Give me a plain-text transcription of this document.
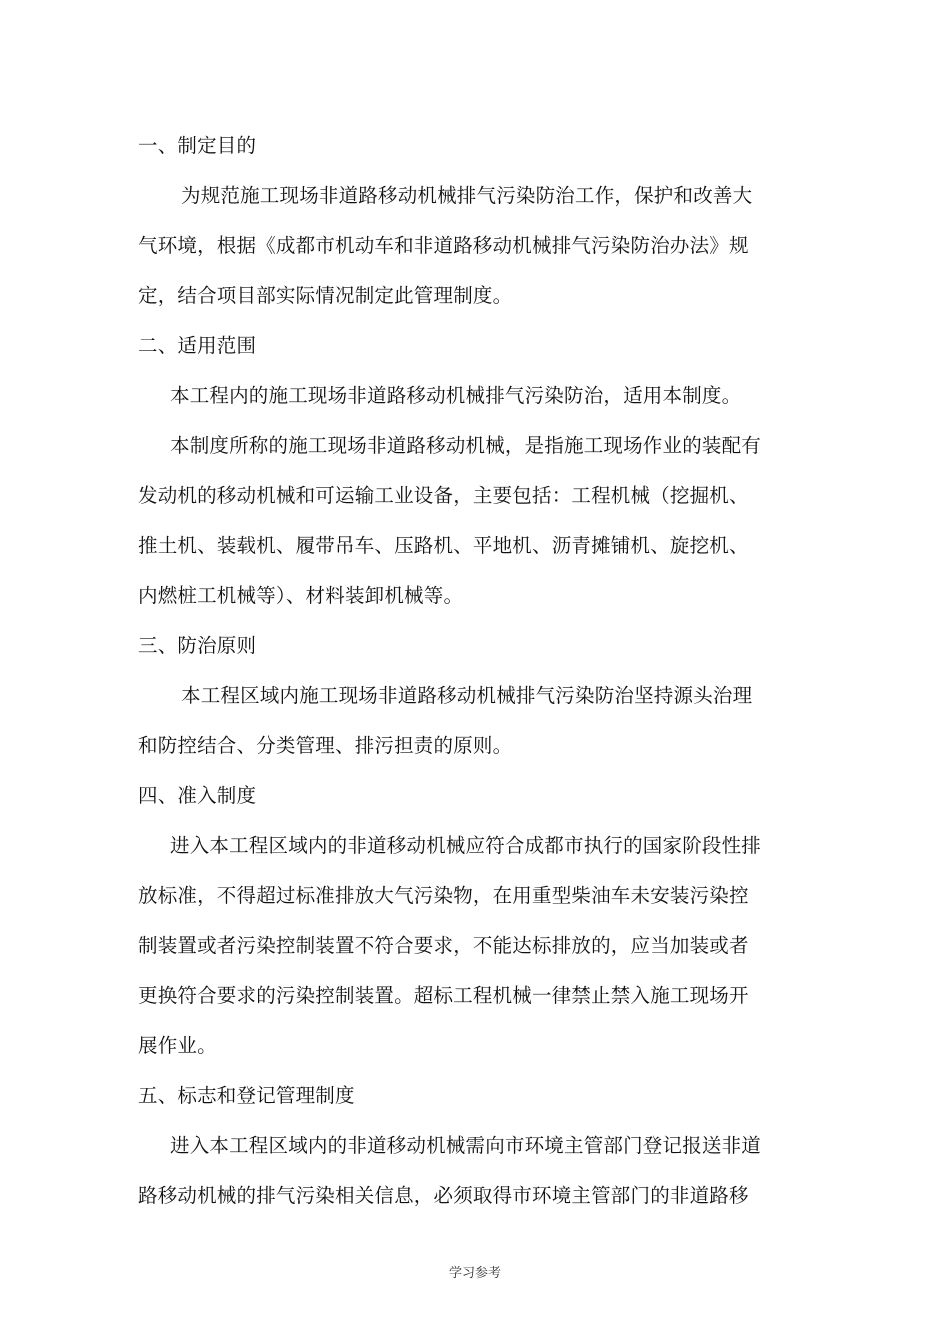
一、制定目的
为规范施工现场非道路移动机械排气污染防治工作，保护和改善大
气环境，根据《成都市机动车和非道路移动机械排气污染防治办法》规
定，结合项目部实际情况制定此管理制度。
二、适用范围
本工程内的施工现场非道路移动机械排气污染防治，适用本制度。
本制度所称的施工现场非道路移动机械，是指施工现场作业的装配有
发动机的移动机械和可运输工业设备，主要包括：工程机械（挖掘机、
推土机、装载机、履带吊车、压路机、平地机、沥青摊铺机、旋挖机、
内燃桩工机械等）、材料装卸机械等。
三、防治原则
本工程区域内施工现场非道路移动机械排气污染防治坚持源头治理
和防控结合、分类管理、排污担责的原则。
四、准入制度
进入本工程区域内的非道移动机械应符合成都市执行的国家阶段性排
放标准，不得超过标准排放大气污染物，在用重型柴油车未安装污染控
制装置或者污染控制装置不符合要求，不能达标排放的，应当加装或者
更换符合要求的污染控制装置。超标工程机械一律禁止禁入施工现场开
展作业。
五、标志和登记管理制度
进入本工程区域内的非道移动机械需向市环境主管部门登记报送非道
路移动机械的排气污染相关信息，必须取得市环境主管部门的非道路移
学习参考
